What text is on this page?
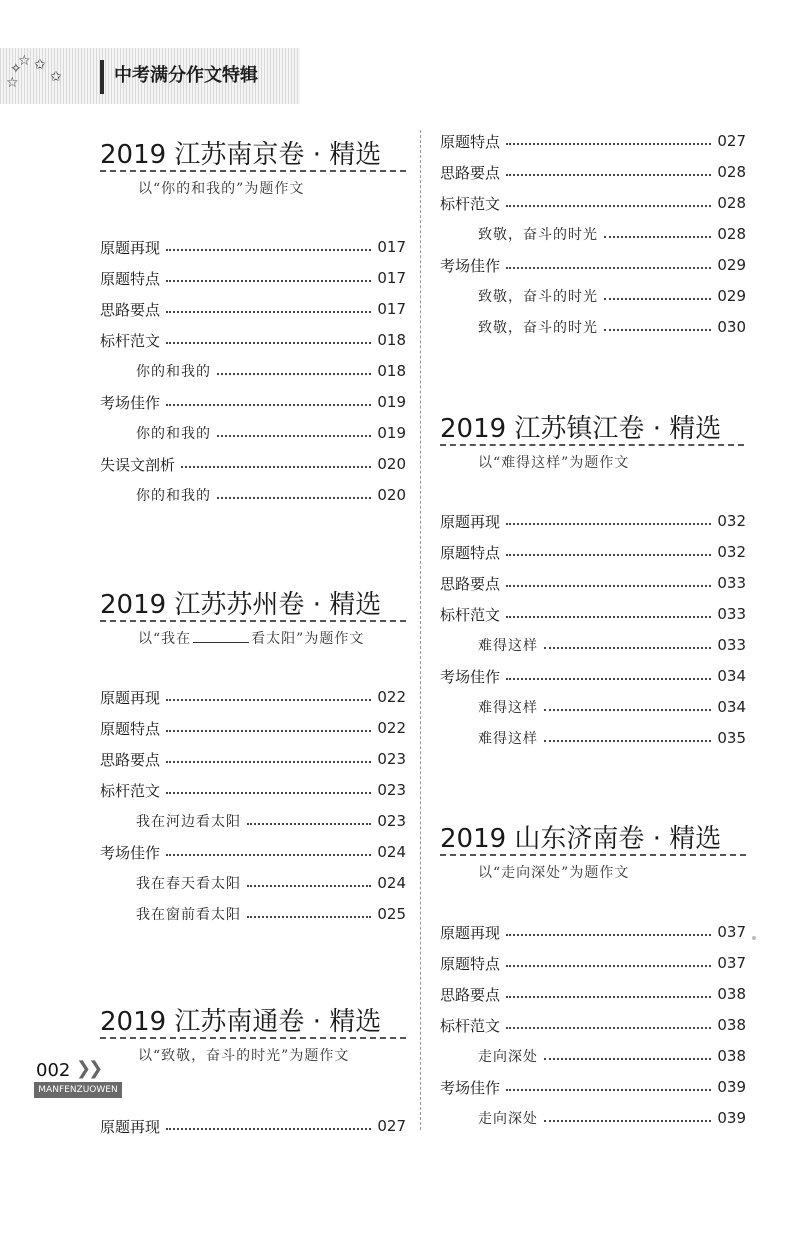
☆
☆ ✩
✩
✧	中考满分作文特辑
2019 江苏南京卷 · 精选
以“你的和我的”为题作文
原题再现	017
原题特点	017
思路要点	017
标杆范文	018
你的和我的	018
考场佳作	019
你的和我的	019
失误文剖析	020
你的和我的	020
2019 江苏苏州卷 · 精选
以“我在	看太阳”为题作文
原题再现	022
原题特点	022
思路要点	023
标杆范文	023
我在河边看太阳	023
考场佳作	024
我在春天看太阳	024
我在窗前看太阳	025
2019 江苏南通卷 · 精选
以“致敬，奋斗的时光”为题作文
原题再现	027
原题特点	027
思路要点	028
标杆范文	028
致敬，奋斗的时光	028
考场佳作	029
致敬，奋斗的时光	029
致敬，奋斗的时光	030
2019 江苏镇江卷 · 精选
以“难得这样”为题作文
原题再现	032
原题特点	032
思路要点	033
标杆范文	033
难得这样	033
考场佳作	034
难得这样	034
难得这样	035
2019 山东济南卷 · 精选
以“走向深处”为题作文
原题再现	037
原题特点	037
思路要点	038
标杆范文	038
走向深处	038
考场佳作	039
走向深处	039
002 ❯❯
MANFENZUOWEN
